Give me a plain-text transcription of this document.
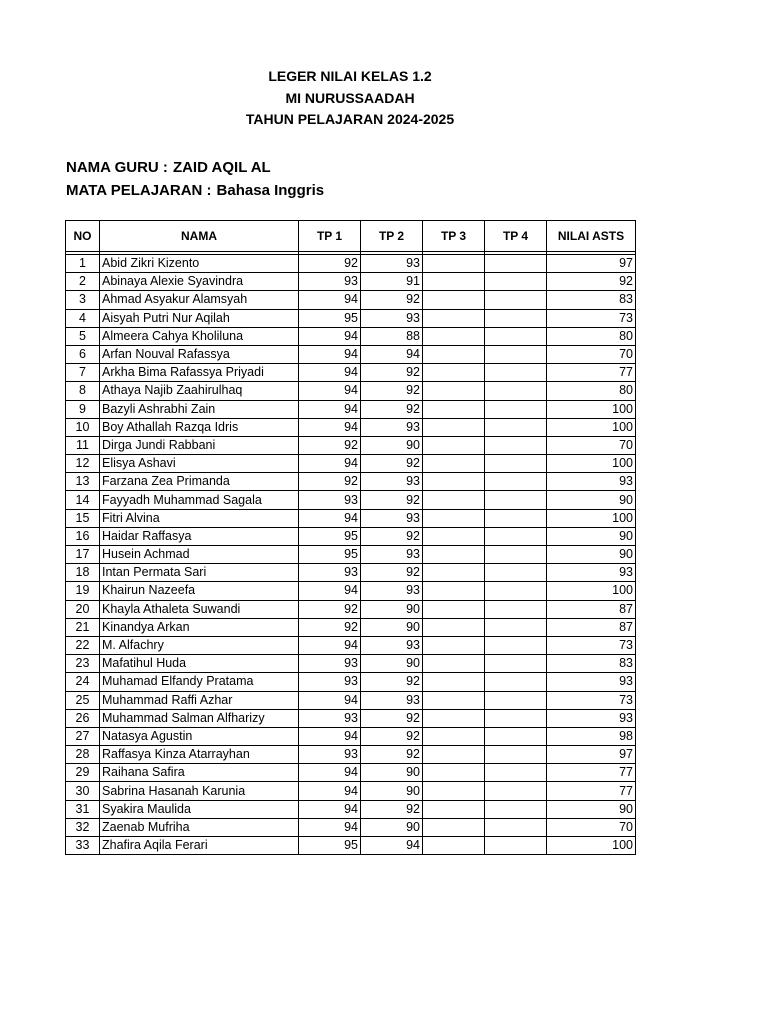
LEGER NILAI KELAS 1.2
MI NURUSSAADAH
TAHUN PELAJARAN 2024-2025
NAMA GURU : ZAID AQIL AL
MATA PELAJARAN : Bahasa Inggris
NO	NAMA	TP 1	TP 2	TP 3	TP 4	NILAI ASTS

1	Abid Zikri Kizento	92	93			97
2	Abinaya Alexie Syavindra	93	91			92
3	Ahmad Asyakur Alamsyah	94	92			83
4	Aisyah Putri Nur Aqilah	95	93			73
5	Almeera Cahya Kholiluna	94	88			80
6	Arfan Nouval Rafassya	94	94			70
7	Arkha Bima Rafassya Priyadi	94	92			77
8	Athaya Najib Zaahirulhaq	94	92			80
9	Bazyli Ashrabhi Zain	94	92			100
10	Boy Athallah Razqa Idris	94	93			100
11	Dirga Jundi Rabbani	92	90			70
12	Elisya Ashavi	94	92			100
13	Farzana Zea Primanda	92	93			93
14	Fayyadh Muhammad Sagala	93	92			90
15	Fitri Alvina	94	93			100
16	Haidar Raffasya	95	92			90
17	Husein Achmad	95	93			90
18	Intan Permata Sari	93	92			93
19	Khairun Nazeefa	94	93			100
20	Khayla Athaleta Suwandi	92	90			87
21	Kinandya Arkan	92	90			87
22	M. Alfachry	94	93			73
23	Mafatihul Huda	93	90			83
24	Muhamad Elfandy Pratama	93	92			93
25	Muhammad Raffi Azhar	94	93			73
26	Muhammad Salman Alfharizy	93	92			93
27	Natasya Agustin	94	92			98
28	Raffasya Kinza Atarrayhan	93	92			97
29	Raihana Safira	94	90			77
30	Sabrina Hasanah Karunia	94	90			77
31	Syakira Maulida	94	92			90
32	Zaenab Mufriha	94	90			70
33	Zhafira Aqila Ferari	95	94			100
